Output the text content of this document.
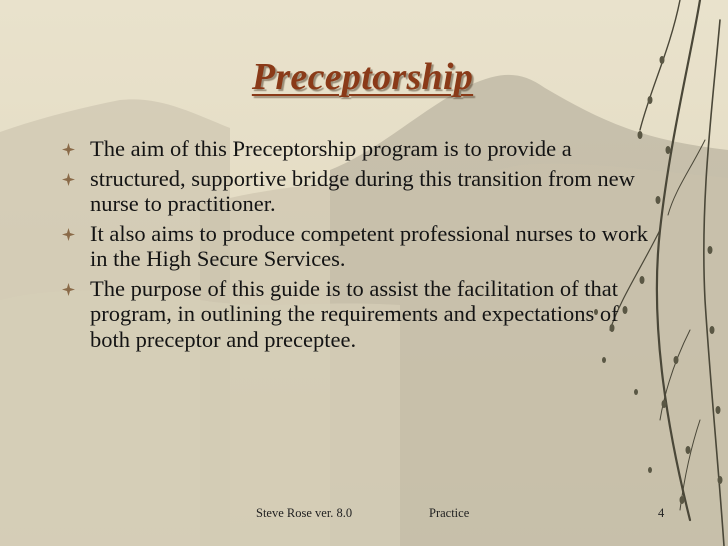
Preceptorship
The aim of this Preceptorship program is to provide a
structured, supportive bridge during this transition from new nurse to practitioner.
It also aims to produce competent professional nurses to work in the High Secure Services.
The purpose of this guide is to assist the facilitation of that program, in outlining the requirements and expectations of both preceptor and preceptee.
Steve Rose ver. 8.0	Practice	4
